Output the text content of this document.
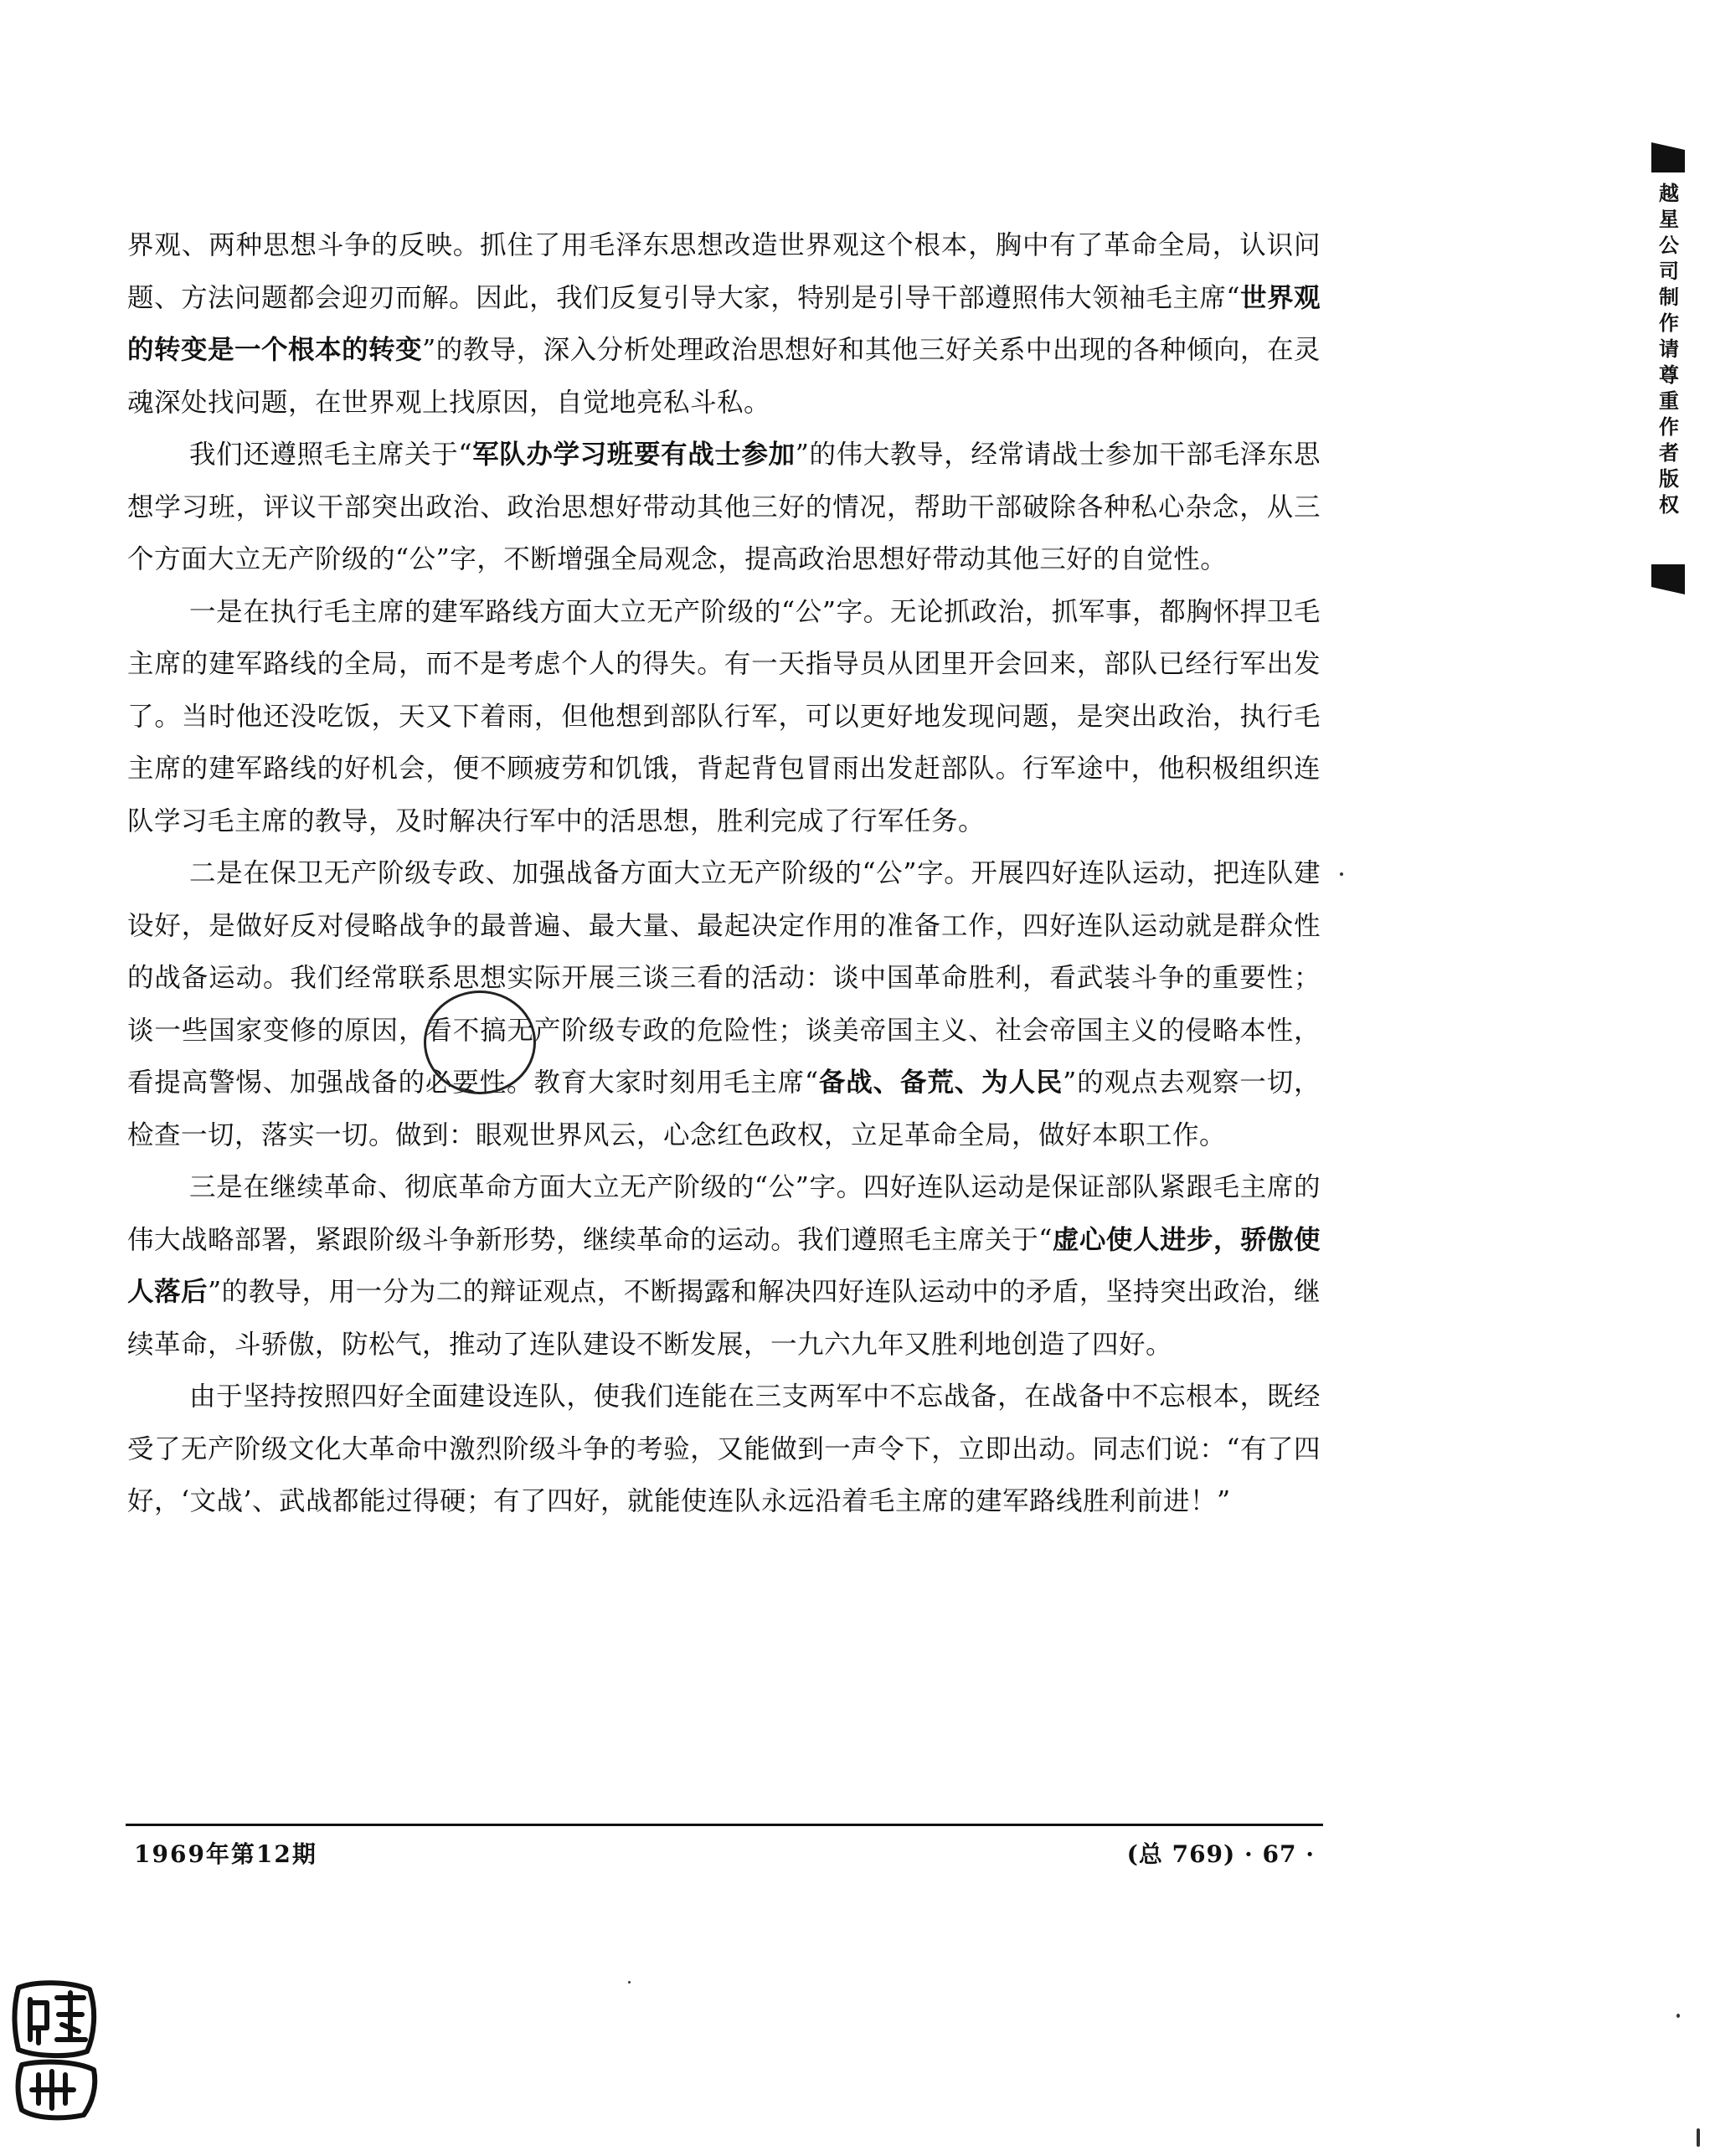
越星公司制作请尊重作者版权

界观、两种思想斗争的反映。抓住了用毛泽东思想改造世界观这个根本，胸中有了革命全局，认识问题、方法问题都会迎刃而解。因此，我们反复引导大家，特别是引导干部遵照伟大领袖毛主席“世界观的转变是一个根本的转变”的教导，深入分析处理政治思想好和其他三好关系中出现的各种倾向，在灵魂深处找问题，在世界观上找原因，自觉地亮私斗私。

我们还遵照毛主席关于“军队办学习班要有战士参加”的伟大教导，经常请战士参加干部毛泽东思想学习班，评议干部突出政治、政治思想好带动其他三好的情况，帮助干部破除各种私心杂念，从三个方面大立无产阶级的“公”字，不断增强全局观念，提高政治思想好带动其他三好的自觉性。

一是在执行毛主席的建军路线方面大立无产阶级的“公”字。无论抓政治，抓军事，都胸怀捍卫毛主席的建军路线的全局，而不是考虑个人的得失。有一天指导员从团里开会回来，部队已经行军出发了。当时他还没吃饭，天又下着雨，但他想到部队行军，可以更好地发现问题，是突出政治，执行毛主席的建军路线的好机会，便不顾疲劳和饥饿，背起背包冒雨出发赶部队。行军途中，他积极组织连队学习毛主席的教导，及时解决行军中的活思想，胜利完成了行军任务。

二是在保卫无产阶级专政、加强战备方面大立无产阶级的“公”字。开展四好连队运动，把连队建设好，是做好反对侵略战争的最普遍、最大量、最起决定作用的准备工作，四好连队运动就是群众性的战备运动。我们经常联系思想实际开展三谈三看的活动：谈中国革命胜利，看武装斗争的重要性；谈一些国家变修的原因，看不搞无产阶级专政的危险性；谈美帝国主义、社会帝国主义的侵略本性，看提高警惕、加强战备的必要性。教育大家时刻用毛主席“备战、备荒、为人民”的观点去观察一切，检查一切，落实一切。做到：眼观世界风云，心念红色政权，立足革命全局，做好本职工作。

三是在继续革命、彻底革命方面大立无产阶级的“公”字。四好连队运动是保证部队紧跟毛主席的伟大战略部署，紧跟阶级斗争新形势，继续革命的运动。我们遵照毛主席关于“虚心使人进步，骄傲使人落后”的教导，用一分为二的辩证观点，不断揭露和解决四好连队运动中的矛盾，坚持突出政治，继续革命，斗骄傲，防松气，推动了连队建设不断发展，一九六九年又胜利地创造了四好。

由于坚持按照四好全面建设连队，使我们连能在三支两军中不忘战备，在战备中不忘根本，既经受了无产阶级文化大革命中激烈阶级斗争的考验，又能做到一声令下，立即出动。同志们说：“有了四好，‘文战’、武战都能过得硬；有了四好，就能使连队永远沿着毛主席的建军路线胜利前进！”

1969年第12期	(总 769) · 67 ·
